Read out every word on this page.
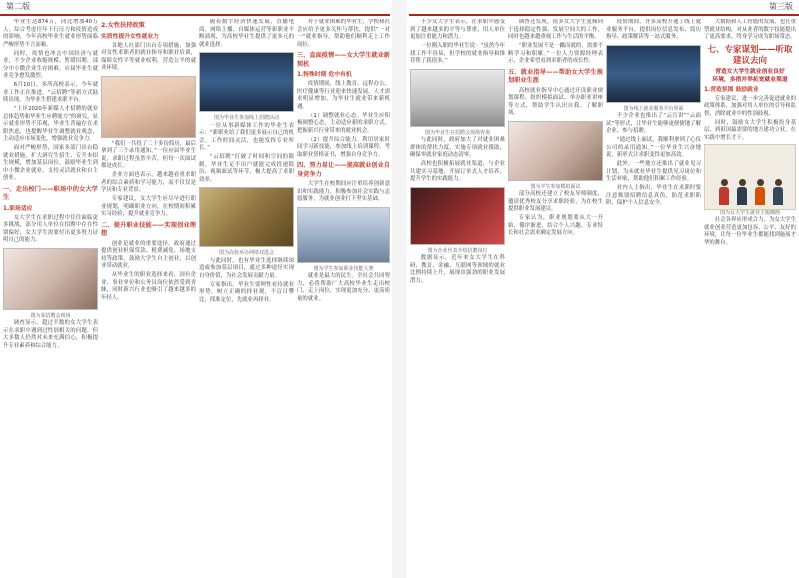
第二版	第三版

毕业生达874万，同比增加40万人。综合考虑往年下行压力和疫情造成的影响，今年高校毕业生就业形势面临严峻形势不言而喻。

同时，疫情也冲击中国经济与就业，不少企业收缩规模、暂缓招聘，部分中小微企业生存困难，应届毕业生就业竞争愈发激烈。

6月10日，多所高校表示，今年就业工作正在推进，“云招聘”等新方式陆续出现，为毕业生搭建求职平台。

“上岸2020年新媒人才招聘的就业总体趋势和毕业生应聘能力”的研究，显示就业形势不乐观，毕业生普遍存在求职焦虑，也提醒毕业生调整就业观念，主动适应市场变化，增强就业竞争力。

面对严峻形势，国家多部门出台稳就业措施，扩大研究生招生、专升本招生规模，增加基层岗位，鼓励毕业生到中小微企业就业，支持灵活就业和自主创业。

一、走出校门——职场中的女大学生
1.职场适应

女大学生在求职过程中往往面临更多挑战，部分用人单位在招聘中存在性别偏好，女大学生需要付出更多努力证明自己的能力。

图为某招聘会现场

调查显示，超过半数的女大学生表示在求职中遇到过性别相关的问题，但大多数人仍然对未来充满信心，积极提升专业素养和综合能力。

2.女性扶持政策
实质性提升女性就业力

各地人社部门出台专项措施，加强对女性求职者的就业指导和职业培训，保障女性平等就业权利，营造公平的就业环境。

“我们一共投了二十多份简历，最后拿到了三个录用通知。”一位应届毕业生说，求职过程虽然辛苦，但每一次面试都是成长。

企业方面也表示，越来越看重求职者的综合素质和学习能力，而不仅仅是学历和专业背景。

专家建议，女大学生应尽早进行职业规划，明确职业方向，在校期间积累实习经验，提升就业竞争力。

二、提升职业技能——实现创业理想

创业是就业的重要途径，政府通过提供创业担保贷款、税费减免、场地支持等政策，鼓励大学生自主创业，以创业带动就业。

从毕业生的职业选择来看，国有企业、事业单位和公务员岗位依然受到青睐，同时新兴行业也吸引了越来越多的年轻人。

随着数字经济快速发展，直播电商、网络主播、自媒体运营等新职业不断涌现，为高校毕业生提供了更多元的就业选择。

图为毕业生参加线上招聘活动

一位从事新媒体工作的毕业生表示：“新职业给了我们更多展示自己的机会，工作时间灵活，也能发挥专业所长。”

“云招聘”打破了时间和空间的限制，毕业生足不出户就能完成投递简历、视频面试等环节，极大提高了求职效率。

图为高校举办网络双选会

与此同时，也有毕业生选择继续深造或参加基层项目，通过多种途径实现自身价值，为社会发展贡献力量。

专家指出，毕业生要理性看待就业形势，树立正确的择业观，不盲目攀比，找准定位，先就业再择业。

对于就业困难的毕业生，学校和社会应给予更多关怀与帮扶，提供“一对一”就业指导，帮助他们顺利走上工作岗位。

三、直面疫情——女大学生就业新契机
1.特殊时期 危中有机

疫情期间，线上教育、远程办公、医疗健康等行业迎来快速发展，人才需求明显增加，为毕业生就业带来新机遇。

（1）调整就业心态。毕业生应积极调整心态，主动适应新的求职方式，把握新兴行业带来的就业机会。

（2）提升综合能力。利用居家时间学习新技能，参加线上培训课程，考取职业资格证书，增强自身竞争力。

四、努力易让——提高就业创业自身竞争力

大学生在校期间应注重培养创新意识和实践能力，积极参加社会实践与志愿服务，为就业创业打下坚实基础。

图为学生参加职业技能大赛

就业是最大的民生。全社会共同努力，必将帮助广大高校毕业生走出校门、走上岗位，实现更加充分、更高质量的就业。

不少女大学生表示，在求职中感受到了越来越多的平等与尊重，用人单位更加注重能力和潜力。

一位刚入职的毕业生说：“虽然今年找工作不容易，但学校的就业指导和推荐帮了我很多。”

图为毕业生在招聘会现场咨询

与此同时，政府加大了对就业困难群体的帮扶力度，实施专项就业援助，确保零就业家庭动态清零。

高校也积极拓展就业渠道，与企业共建实习基地，开展订单式人才培养，提升学生的实践能力。

图为企业代表介绍招聘岗位

数据显示，近年来女大学生在科研、教育、金融、互联网等领域的就业比例持续上升，展现出强劲的职业发展潜力。

调查还发现，很多女大学生更倾向于选择稳定性强、发展空间大的工作，同时也越来越重视工作与生活的平衡。

“职业发展不是一蹴而就的，需要不断学习和积累。”一位人力资源经理表示，企业希望看到求职者的成长性。

五、就业指导——帮助女大学生规划职业生涯

高校就业指导中心通过开设职业规划课程、组织模拟面试、举办职业讲座等方式，帮助学生认识自我、了解职场。

图为学生参加模拟面试

部分高校还建立了校友导师制度，邀请优秀校友分享求职经验，为在校生提供职业发展建议。

专家认为，职业规划要从大一开始，循序渐进，结合个人兴趣、专业特长和社会需求确定发展方向。

疫情期间，许多高校开通了线上就业服务平台，提供岗位信息发布、简历指导、政策解读等一站式服务。

图为线上就业服务平台界面

不少企业也推出了“云宣讲”“云面试”等形式，让毕业生能够更便捷地了解企业、参与招聘。

“通过线上面试，我顺利拿到了心仪公司的录用通知。”一位毕业生兴奋地说，新形式让求职变得更加高效。

此外，一些地方还推出了就业见习计划，为未就业毕业生提供见习岗位和生活补贴，帮助他们积累工作经验。

业内人士指出，毕业生在求职时要注意甄别招聘信息真伪，防范求职陷阱，保护个人信息安全。

大数据和人工智能的发展，也在重塑就业结构，对从业者的数字技能提出了更高要求，终身学习成为职场常态。

七、专家谋划——听取建议去向
营造女大学生就业创业良好
环境，多措并举拓宽就业渠道
1.营造氛围 鼓励就业

专家建议，进一步完善促进就业的政策体系，加强对用人单位的引导和监督，消除就业中的性别歧视。

同时，鼓励女大学生积极投身基层，到祖国最需要的地方建功立业，在实践中增长才干。

图为女大学生就业主题插画

社会各界应形成合力，为女大学生就业创业营造更加包容、公平、友好的环境，让每一位毕业生都能找到施展才华的舞台。
